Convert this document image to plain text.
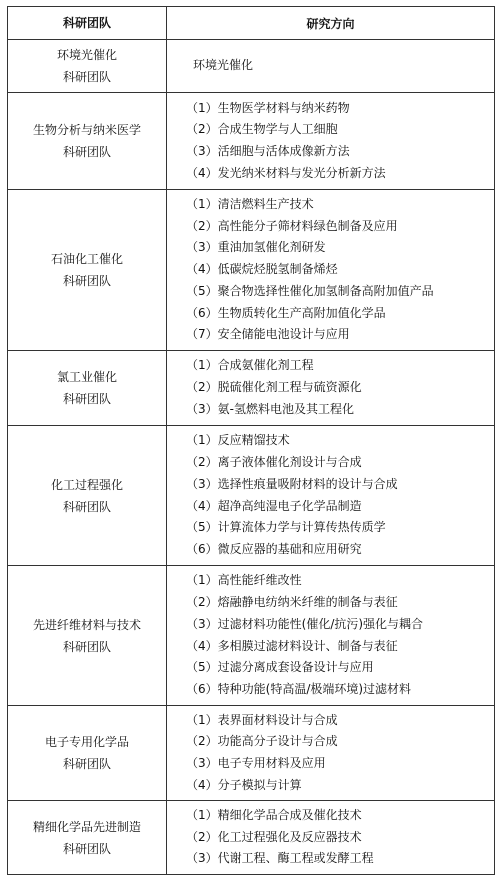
科研团队	研究方向
环境光催化
科研团队
环境光催化
生物分析与纳米医学
科研团队
（1）生物医学材料与纳米药物
（2）合成生物学与人工细胞
（3）活细胞与活体成像新方法
（4）发光纳米材料与发光分析新方法
石油化工催化
科研团队
（1）清洁燃料生产技术
（2）高性能分子筛材料绿色制备及应用
（3）重油加氢催化剂研发
（4）低碳烷烃脱氢制备烯烃
（5）聚合物选择性催化加氢制备高附加值产品
（6）生物质转化生产高附加值化学品
（7）安全储能电池设计与应用
氯工业催化
科研团队
（1）合成氨催化剂工程
（2）脱硫催化剂工程与硫资源化
（3）氨-氢燃料电池及其工程化
化工过程强化
科研团队
（1）反应精馏技术
（2）离子液体催化剂设计与合成
（3）选择性痕量吸附材料的设计与合成
（4）超净高纯湿电子化学品制造
（5）计算流体力学与计算传热传质学
（6）微反应器的基础和应用研究
先进纤维材料与技术
科研团队
（1）高性能纤维改性
（2）熔融静电纺纳米纤维的制备与表征
（3）过滤材料功能性(催化/抗污)强化与耦合
（4）多相膜过滤材料设计、制备与表征
（5）过滤分离成套设备设计与应用
（6）特种功能(特高温/极端环境)过滤材料
电子专用化学品
科研团队
（1）表界面材料设计与合成
（2）功能高分子设计与合成
（3）电子专用材料及应用
（4）分子模拟与计算
精细化学品先进制造
科研团队
（1）精细化学品合成及催化技术
（2）化工过程强化及反应器技术
（3）代谢工程、酶工程或发酵工程
